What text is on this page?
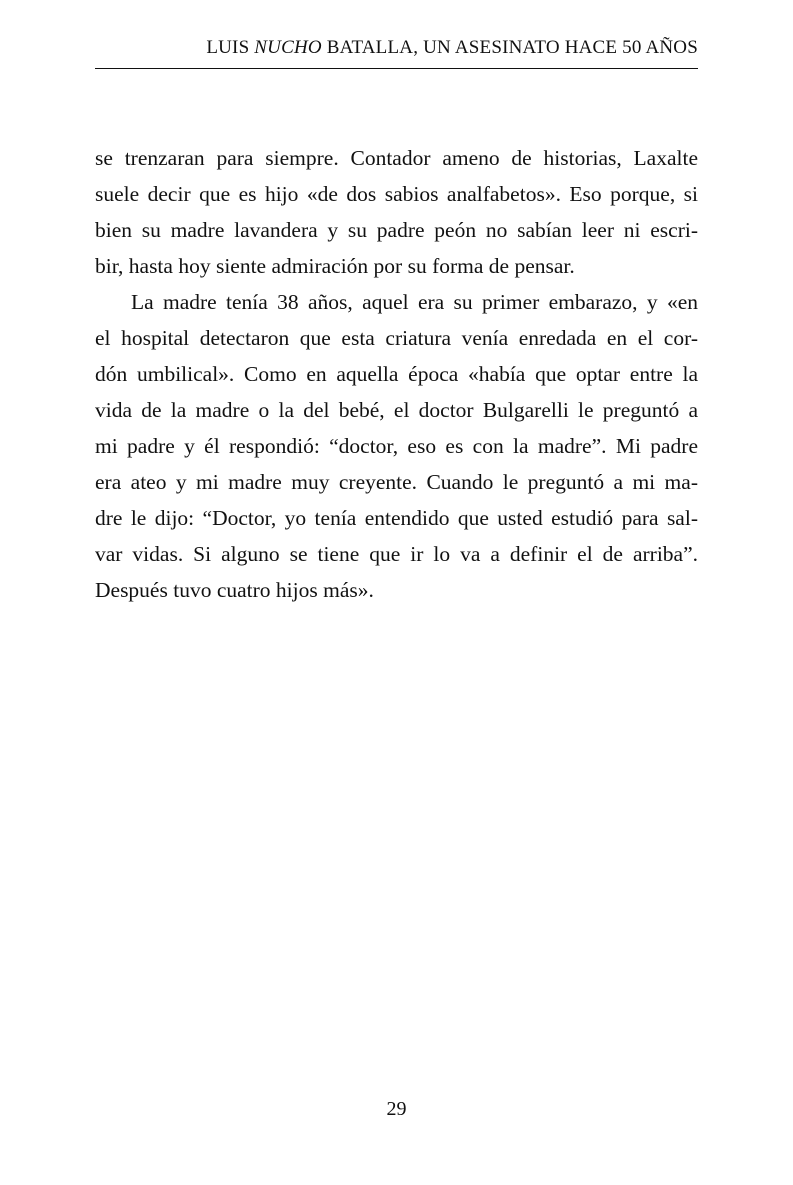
LUIS NUCHO BATALLA, UN ASESINATO HACE 50 AÑOS
se trenzaran para siempre. Contador ameno de historias, Laxalte
suele decir que es hijo «de dos sabios analfabetos». Eso porque, si
bien su madre lavandera y su padre peón no sabían leer ni escri-
bir, hasta hoy siente admiración por su forma de pensar.
La madre tenía 38 años, aquel era su primer embarazo, y «en
el hospital detectaron que esta criatura venía enredada en el cor-
dón umbilical». Como en aquella época «había que optar entre la
vida de la madre o la del bebé, el doctor Bulgarelli le preguntó a
mi padre y él respondió: “doctor, eso es con la madre”. Mi padre
era ateo y mi madre muy creyente. Cuando le preguntó a mi ma-
dre le dijo: “Doctor, yo tenía entendido que usted estudió para sal-
var vidas. Si alguno se tiene que ir lo va a definir el de arriba”.
Después tuvo cuatro hijos más».
29
